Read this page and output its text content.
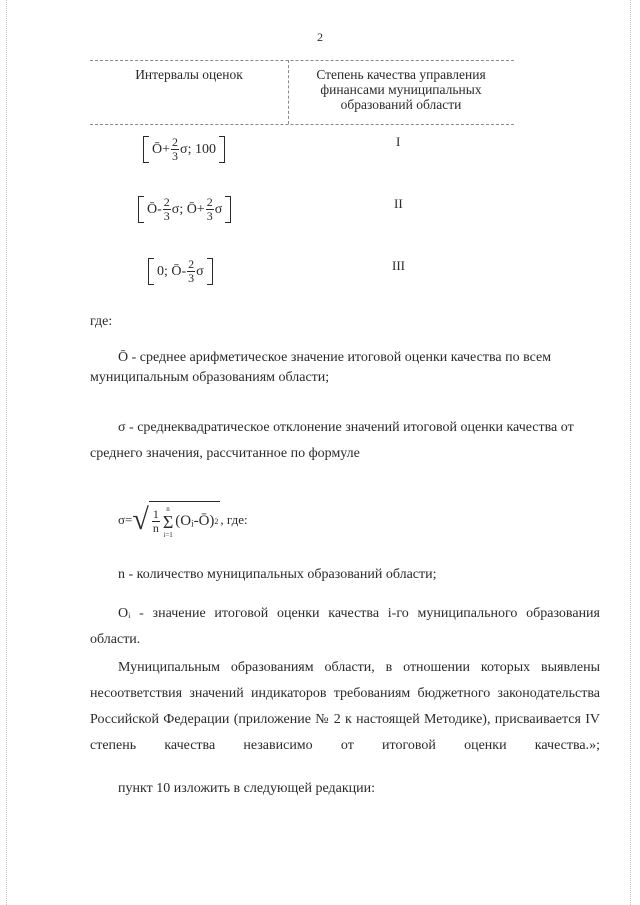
2
Интервалы оценок	Степень качества управления финансами муниципальных образований области
Ō+ $\frac{2}{3} \sigma$; 100	I
Ō- $\frac{2}{3} \sigma$; Ō+ $\frac{2}{3}$ σ	II
0; Ō- $\frac{2}{3}$ σ	III
где:
Ō - среднее арифметическое значение итоговой оценки качества по всем муниципальным образованиям области;
σ - среднеквадратическое отклонение значений итоговой оценки качества от среднего значения, рассчитанное по формуле
σ= √ $\frac{1}{n}$ n
Σ
i=1
(Oᵢ-Ō) 2 , где:
n - количество муниципальных образований области;
Oᵢ - значение итоговой оценки качества i-го муниципального образования области.
Муниципальным образованиям области, в отношении которых выявлены несоответствия значений индикаторов требованиям бюджетного законодательства Российской Федерации (приложение № 2 к настоящей Методике), присваивается IV степень качества независимо от итоговой оценки качества.»;
пункт 10 изложить в следующей редакции:
